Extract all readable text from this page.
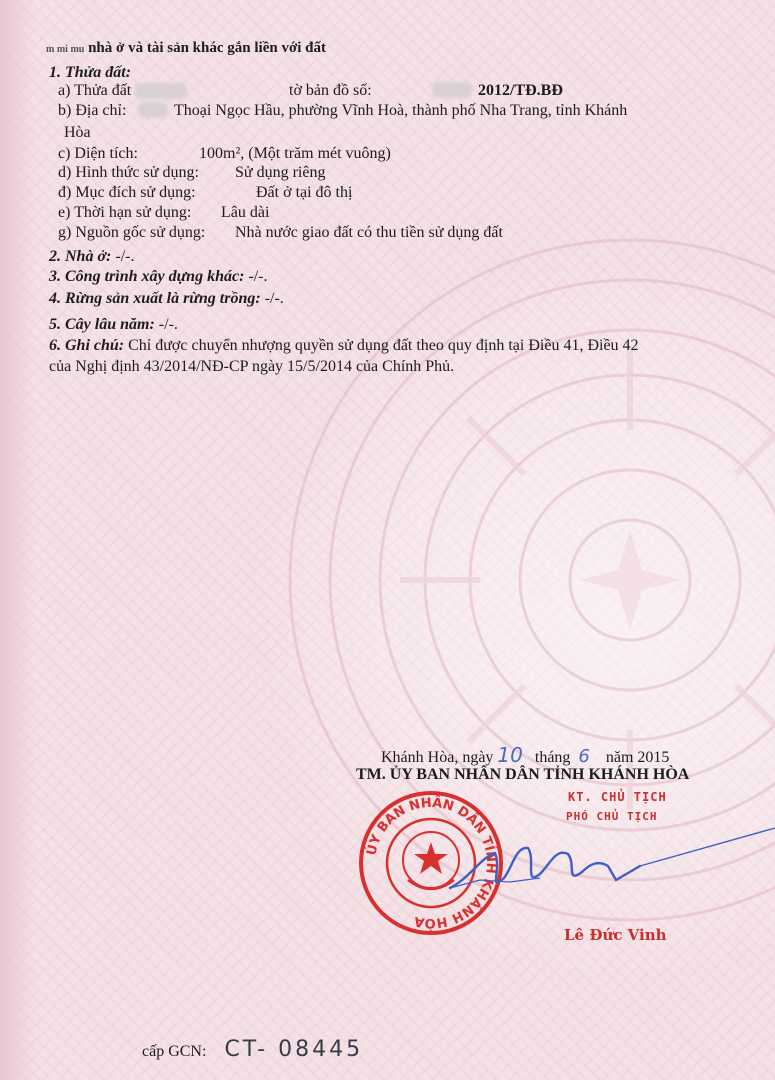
m mi mu nhà ở và tài sản khác gắn liền với đất
1. Thửa đất:
a) Thửa đất	tờ bản đồ số:	2012/TĐ.BĐ
b) Địa chỉ:	Thoại Ngọc Hầu, phường Vĩnh Hoà, thành phố Nha Trang, tỉnh Khánh
Hòa
c) Diện tích:	100m², (Một trăm mét vuông)
d) Hình thức sử dụng: Sử dụng riêng
đ) Mục đích sử dụng:	Đất ở tại đô thị
e) Thời hạn sử dụng: Lâu dài
g) Nguồn gốc sử dụng: Nhà nước giao đất có thu tiền sử dụng đất
2. Nhà ở: -/-.
3. Công trình xây dựng khác: -/-.
4. Rừng sản xuất là rừng trồng: -/-.
5. Cây lâu năm: -/-.
6. Ghi chú: Chỉ được chuyển nhượng quyền sử dụng đất theo quy định tại Điều 41, Điều 42
của Nghị định 43/2014/NĐ-CP ngày 15/5/2014 của Chính Phủ.
Khánh Hòa, ngày 10 tháng 6 năm 2015
TM. ỦY BAN NHÂN DÂN TỈNH KHÁNH HÒA
KT. CHỦ TỊCH
PHÓ CHỦ TỊCH
ỦY BAN NHÂN DÂN TỈNH KHÁNH HÒA
Lê Đức Vinh
cấp GCN: CT- 08445
